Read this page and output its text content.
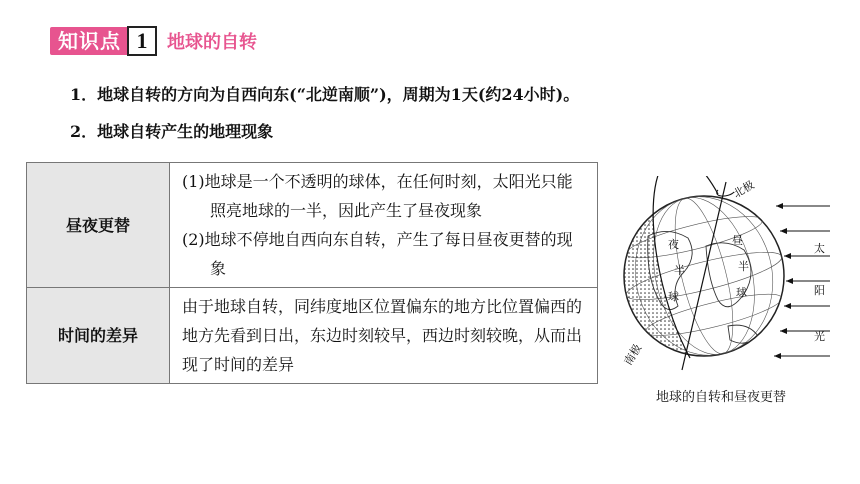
知识点 1	地球的自转
1．地球自转的方向为自西向东(“北逆南顺”)，周期为1天(约24小时)。
2．地球自转产生的地理现象
昼夜更替	(1)地球是一个不透明的球体，在任何时刻，太阳光只能照亮地球的一半，因此产生了昼夜现象
(2)地球不停地自西向东自转，产生了每日昼夜更替的现象

时间的差异	由于地球自转，同纬度地区位置偏东的地方比位置偏西的地方先看到日出，东边时刻较早，西边时刻较晚，从而出现了时间的差异
北极
南极
昼
半
球
夜
半
球
太
阳
光
地球的自转和昼夜更替
